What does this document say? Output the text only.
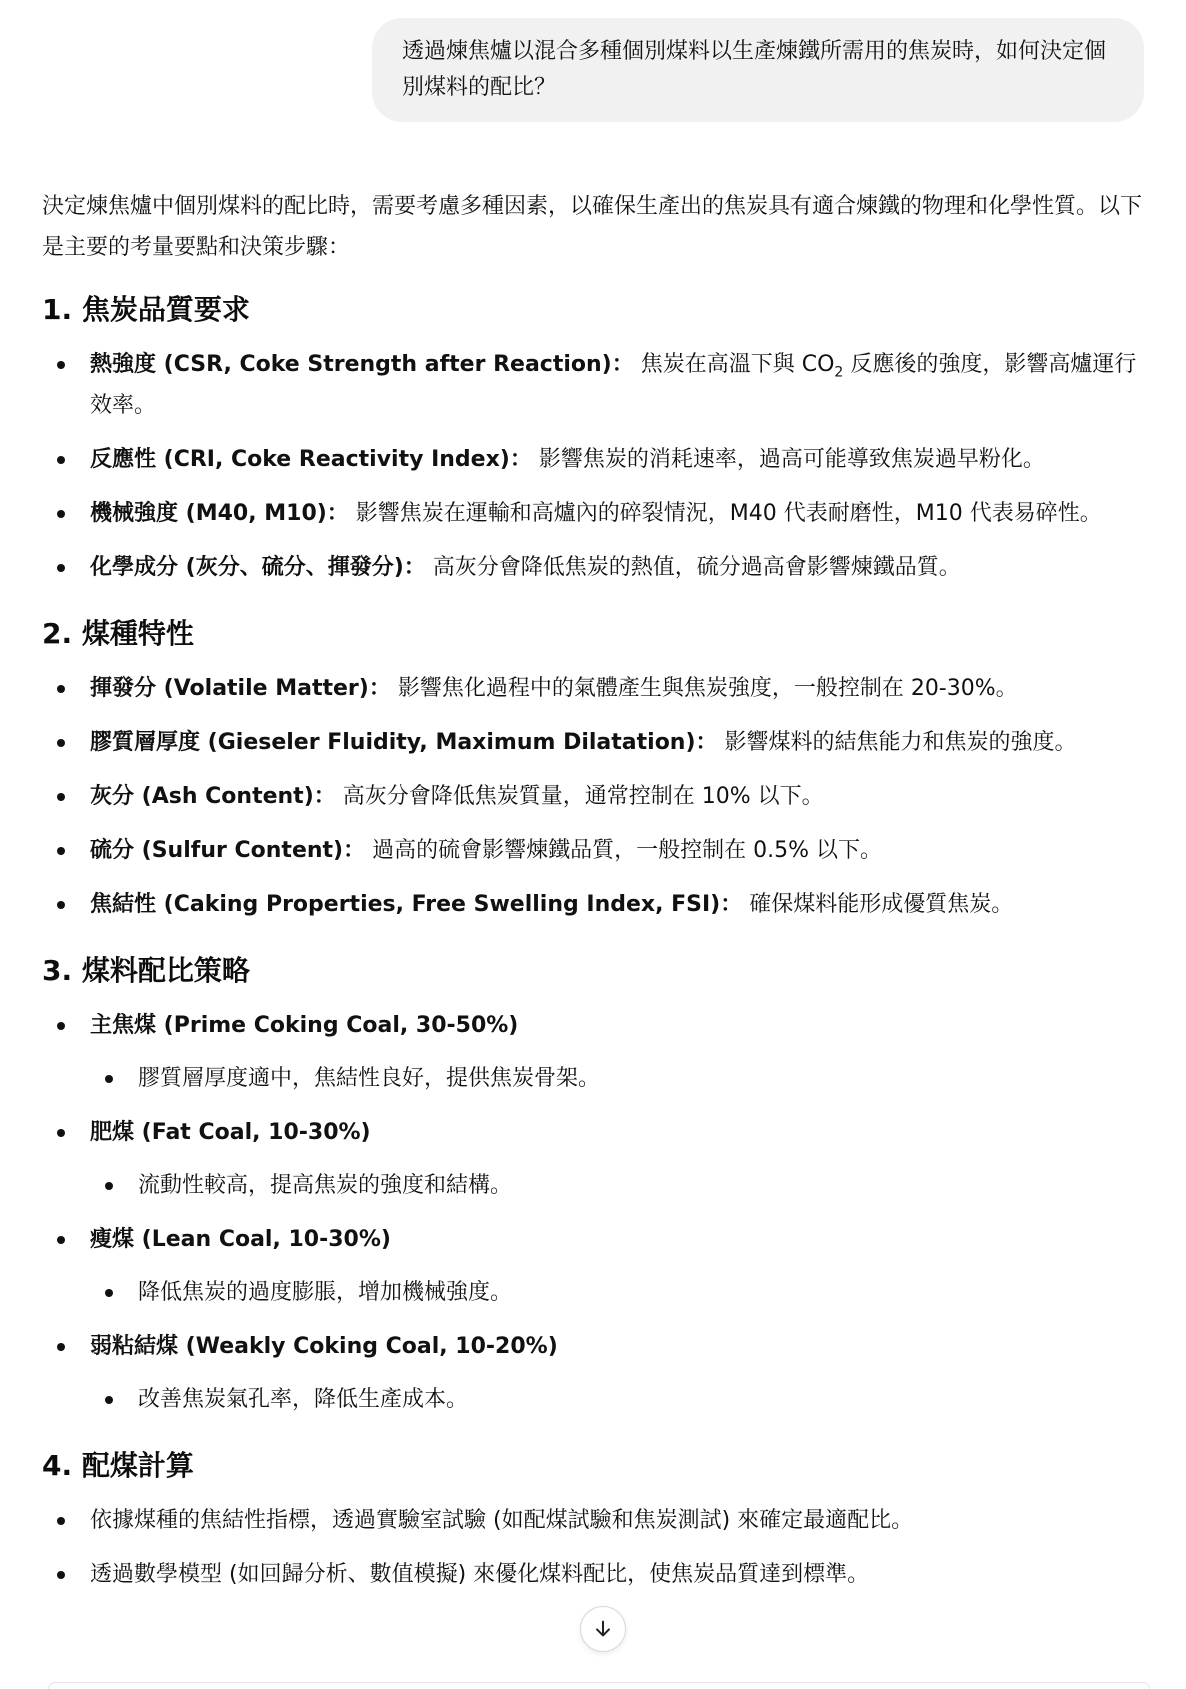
透過煉焦爐以混合多種個別煤料以生產煉鐵所需用的焦炭時，如何決定個別煤料的配比？

決定煉焦爐中個別煤料的配比時，需要考慮多種因素，以確保生產出的焦炭具有適合煉鐵的物理和化學性質。以下是主要的考量要點和決策步驟：

1. 焦炭品質要求
熱強度 (CSR, Coke Strength after Reaction)： 焦炭在高溫下與 $CO_2$ 反應後的強度，影響高爐運行效率。
反應性 (CRI, Coke Reactivity Index)： 影響焦炭的消耗速率，過高可能導致焦炭過早粉化。
機械強度 (M40, M10)： 影響焦炭在運輸和高爐內的碎裂情況，M40 代表耐磨性，M10 代表易碎性。
化學成分 (灰分、硫分、揮發分)： 高灰分會降低焦炭的熱值，硫分過高會影響煉鐵品質。
2. 煤種特性
揮發分 (Volatile Matter)： 影響焦化過程中的氣體產生與焦炭強度，一般控制在 20-30%。
膠質層厚度 (Gieseler Fluidity, Maximum Dilatation)： 影響煤料的結焦能力和焦炭的強度。
灰分 (Ash Content)： 高灰分會降低焦炭質量，通常控制在 10% 以下。
硫分 (Sulfur Content)： 過高的硫會影響煉鐵品質，一般控制在 0.5% 以下。
焦結性 (Caking Properties, Free Swelling Index, FSI)： 確保煤料能形成優質焦炭。
3. 煤料配比策略
主焦煤 (Prime Coking Coal, 30-50%)
膠質層厚度適中，焦結性良好，提供焦炭骨架。
肥煤 (Fat Coal, 10-30%)
流動性較高，提高焦炭的強度和結構。
瘦煤 (Lean Coal, 10-30%)
降低焦炭的過度膨脹，增加機械強度。
弱粘結煤 (Weakly Coking Coal, 10-20%)
改善焦炭氣孔率，降低生產成本。
4. 配煤計算
依據煤種的焦結性指標，透過實驗室試驗 (如配煤試驗和焦炭測試) 來確定最適配比。
透過數學模型 (如回歸分析、數值模擬) 來優化煤料配比，使焦炭品質達到標準。
